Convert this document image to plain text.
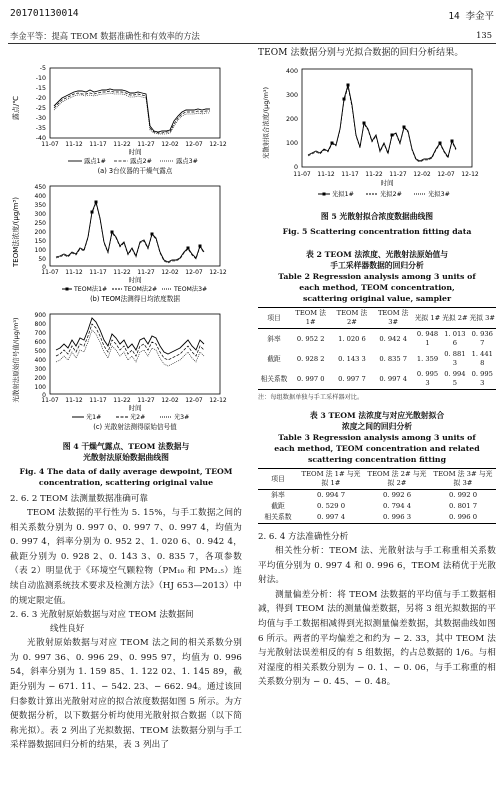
201701130014	14 李金平
李金平等：提高 TEOM 数据准确性和有效率的方法	135
露点/℃
-5
-10
-15
-20
-25
-30
-35
-40
11-07 11-12 11-17 11-22 11-27 12-02 12-07 12-12
时间
露点1#	露点2#	露点3#
(a) 3台仪器的干燥气露点

TEOM法浓度/(μg/m³)
450
400
350
300
250
200
150
100
50
0
11-07 11-12 11-17 11-22 11-27 12-02 12-07 12-12
时间
TEOM法1#	TEOM法2#	TEOM法3#
(b) TEOM法测得日均浓度数据

光散射法原始信号值/(μg/m³)
900
800
700
600
500
400
300
200
100
0
11-07 11-12 11-17 11-22 11-27 12-02 12-07 12-12
时间
光1#	光2#	光3#
(c) 光散射法测得原始信号值
图 4 干燥气露点、TEOM 法数据与
光散射法原始数据曲线图
Fig. 4 The data of daily average dewpoint, TEOM
concentration, scattering original value
2. 6. 2 TEOM 法测量数据准确可靠
TEOM 法数据的平行性为 5. 15%，与手工数据之间的相关系数分别为 0. 997 0、0. 997 7、0. 997 4，均值为 0. 997 4，斜率分别为 0. 952 2、1. 020 6、0. 942 4，截距分别为 0. 928 2、0. 143 3、0. 835 7，各项参数（表 2）明显优于《环境空气颗粒物（PM₁₀ 和 PM₂.₅）连续自动监测系统技术要求及检测方法》（HJ 653—2013）中的规定限定值。
2. 6. 3 光散射原始数据与对应 TEOM 法数据间
线性良好
光散射原始数据与对应 TEOM 法之间的相关系数分别为 0. 997 36、0. 996 29、0. 995 97，均值为 0. 996 54，斜率分别为 1. 159 85、1. 122 02、1. 145 89，截距分别为 − 671. 11、− 542. 23、− 662. 94。通过该回归参数计算出光散射对应的拟合浓度数据如图 5 所示。为方便数据分析，以下数据分析均使用光散射拟合数据（以下简称光拟）。表 2 列出了光拟数据、TEOM 法数据分别与手工采样器数据回归分析的结果，表 3 列出了
TEOM 法数据分别与光拟合数据的回归分析结果。
光散射拟合浓度/(μg/m³)
400
300
200
100
0
11-07 11-12 11-17 11-22 11-27 12-02 12-07 12-12
时间
光拟1#	光拟2#	光拟3#
图 5 光散射拟合浓度数据曲线图
Fig. 5 Scattering concentration fitting data
表 2 TEOM 法浓度、光散射法原始值与
手工采样器数据的回归分析
Table 2 Regression analysis among 3 units of
each method, TEOM concentration,
scattering original value, sampler
项目	TEOM 法 1#	TEOM 法 2#	TEOM 法 3#	光拟 1#	光拟 2#	光拟 3#
斜率	0. 952 2	1. 020 6	0. 942 4	0. 948 1	1. 013 6	0. 936 7
截距	0. 928 2	0. 143 3	0. 835 7	1. 359	0. 881 3	1. 441 8
相关系数	0. 997 0	0. 997 7	0. 997 4	0. 995 3	0. 994 5	0. 995 3
注：每组数据单独与手工采样器对比。
表 3 TEOM 法浓度与对应光散射拟合
浓度之间的回归分析
Table 3 Regression analysis among 3 units of
each method, TEOM concentration and related
scattering concentration fitting
项目	TEOM 法 1# 与光拟 1#	TEOM 法 2# 与光拟 2#	TEOM 法 3# 与光拟 3#
斜率	0. 994 7	0. 992 6	0. 992 0
截距	0. 529 0	0. 794 4	0. 801 7
相关系数	0. 997 4	0. 996 3	0. 996 0
2. 6. 4 方法准确性分析
相关性分析：TEOM 法、光散射法与手工称重相关系数平均值分别为 0. 997 4 和 0. 996 6，TEOM 法稍优于光散射法。
测量偏差分析：将 TEOM 法数据的平均值与手工数据相减，得到 TEOM 法的测量偏差数据，另将 3 组光拟数据的平均值与手工数据相减得到光拟测量偏差数据，其数据曲线如图 6 所示。两者的平均偏差之和约为 − 2. 33，其中 TEOM 法与光散射法误差相反的有 5 组数据，约占总数据的 1/6。与相对湿度的相关系数分别为 − 0. 1、− 0. 06，与手工称重的相关系数分别为 − 0. 45、− 0. 48。
